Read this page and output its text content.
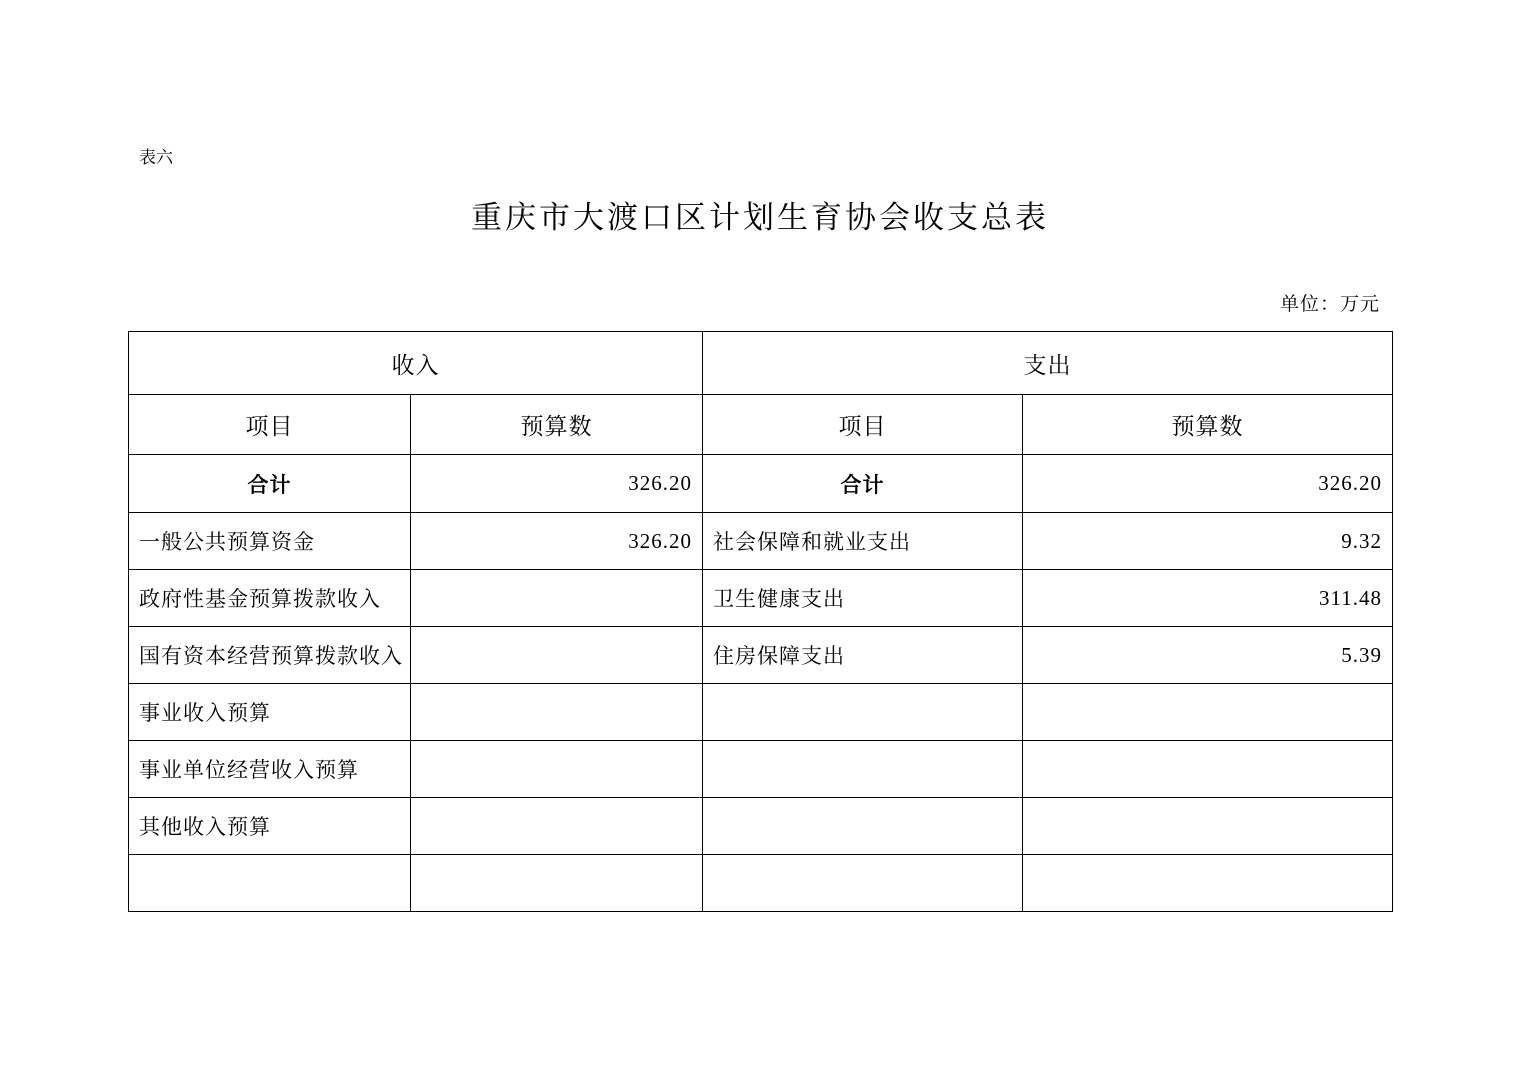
表六
重庆市大渡口区计划生育协会收支总表
单位：万元
收入		支出	
项目	预算数	项目	预算数
合计	326.20	合计	326.20
一般公共预算资金	326.20	社会保障和就业支出	9.32
政府性基金预算拨款收入		卫生健康支出	311.48
国有资本经营预算拨款收入		住房保障支出	5.39
事业收入预算			
事业单位经营收入预算			
其他收入预算			
